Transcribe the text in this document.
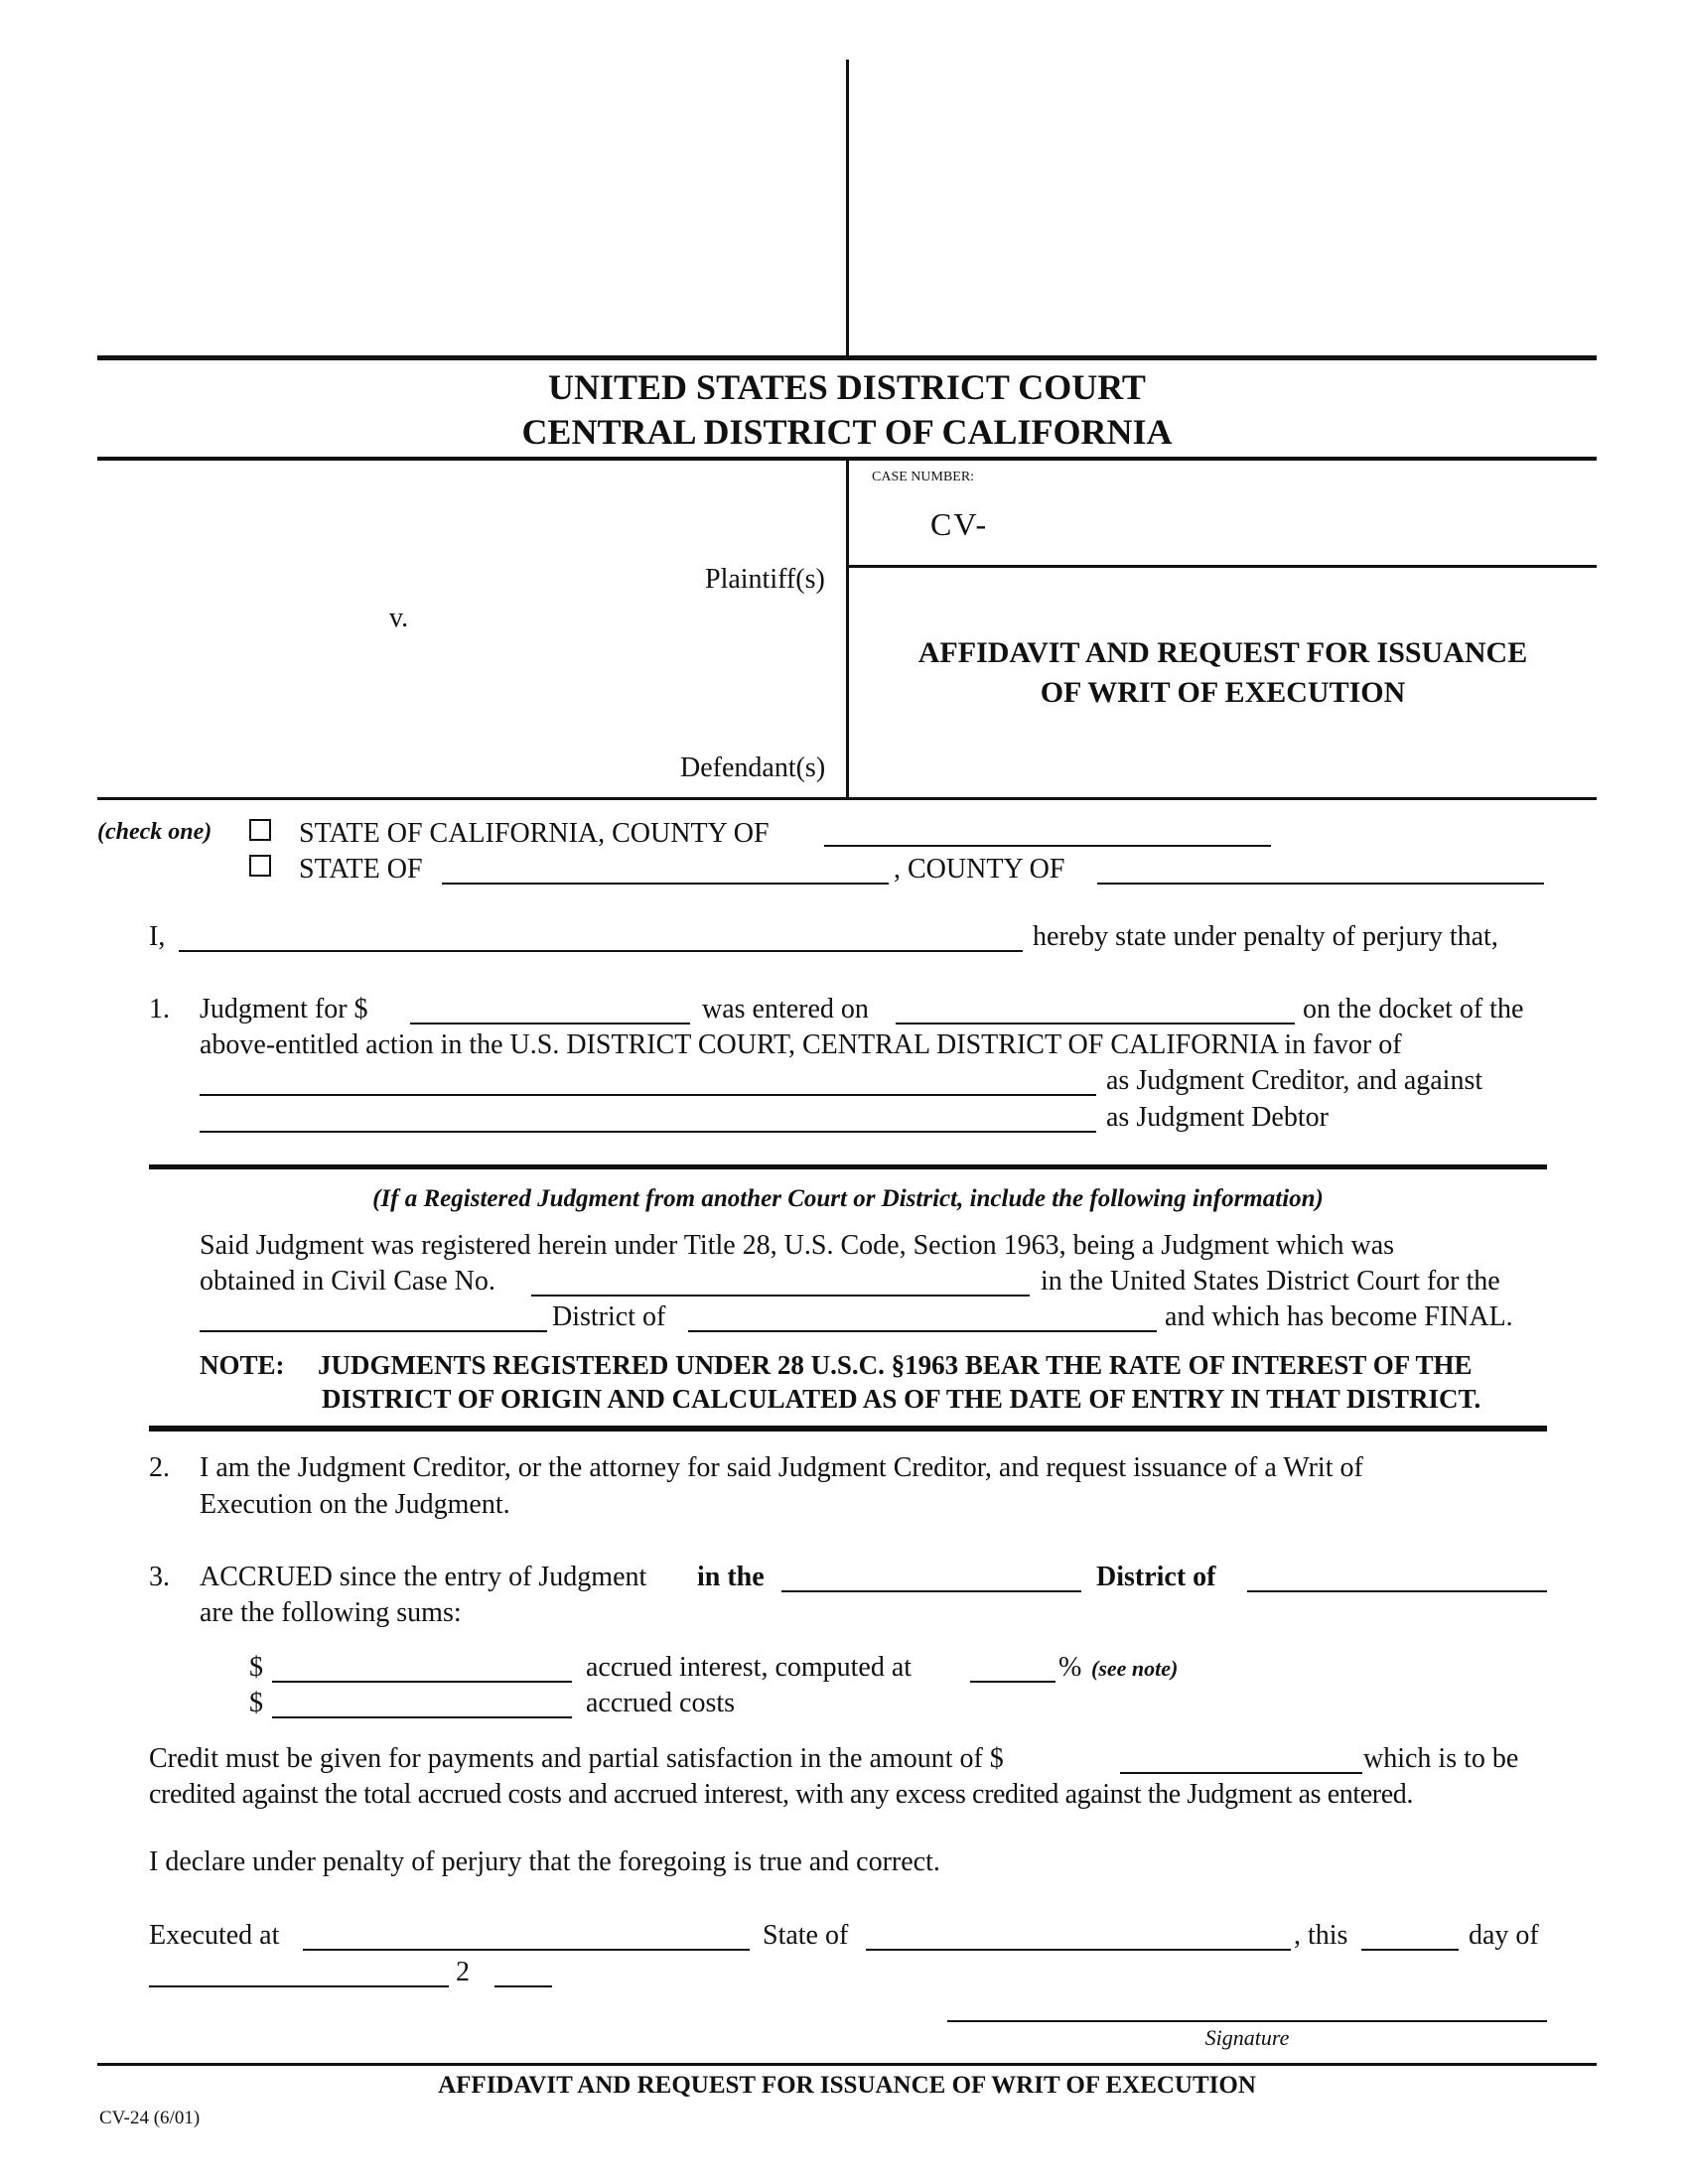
UNITED STATES DISTRICT COURT
CENTRAL DISTRICT OF CALIFORNIA
CASE NUMBER:
CV-
Plaintiff(s)
v.
Defendant(s)
AFFIDAVIT AND REQUEST FOR ISSUANCE
OF WRIT OF EXECUTION
(check one)	STATE OF CALIFORNIA, COUNTY OF
STATE OF	, COUNTY OF
I,	hereby state under penalty of perjury that,
1. Judgment for $	was entered on	on the docket of the
above-entitled action in the U.S. DISTRICT COURT, CENTRAL DISTRICT OF CALIFORNIA in favor of
as Judgment Creditor, and against
as Judgment Debtor
(If a Registered Judgment from another Court or District, include the following information)
Said Judgment was registered herein under Title 28, U.S. Code, Section 1963, being a Judgment which was
obtained in Civil Case No.	in the United States District Court for the
District of	and which has become FINAL.
NOTE: JUDGMENTS REGISTERED UNDER 28 U.S.C. §1963 BEAR THE RATE OF INTEREST OF THE
DISTRICT OF ORIGIN AND CALCULATED AS OF THE DATE OF ENTRY IN THAT DISTRICT.
2. I am the Judgment Creditor, or the attorney for said Judgment Creditor, and request issuance of a Writ of
Execution on the Judgment.
3. ACCRUED since the entry of Judgment in the	District of
are the following sums:
$	accrued interest, computed at	% (see note)
$	accrued costs
Credit must be given for payments and partial satisfaction in the amount of $	which is to be
credited against the total accrued costs and accrued interest, with any excess credited against the Judgment as entered.
I declare under penalty of perjury that the foregoing is true and correct.
Executed at	State of	, this	day of
2
Signature
AFFIDAVIT AND REQUEST FOR ISSUANCE OF WRIT OF EXECUTION
CV-24 (6/01)
